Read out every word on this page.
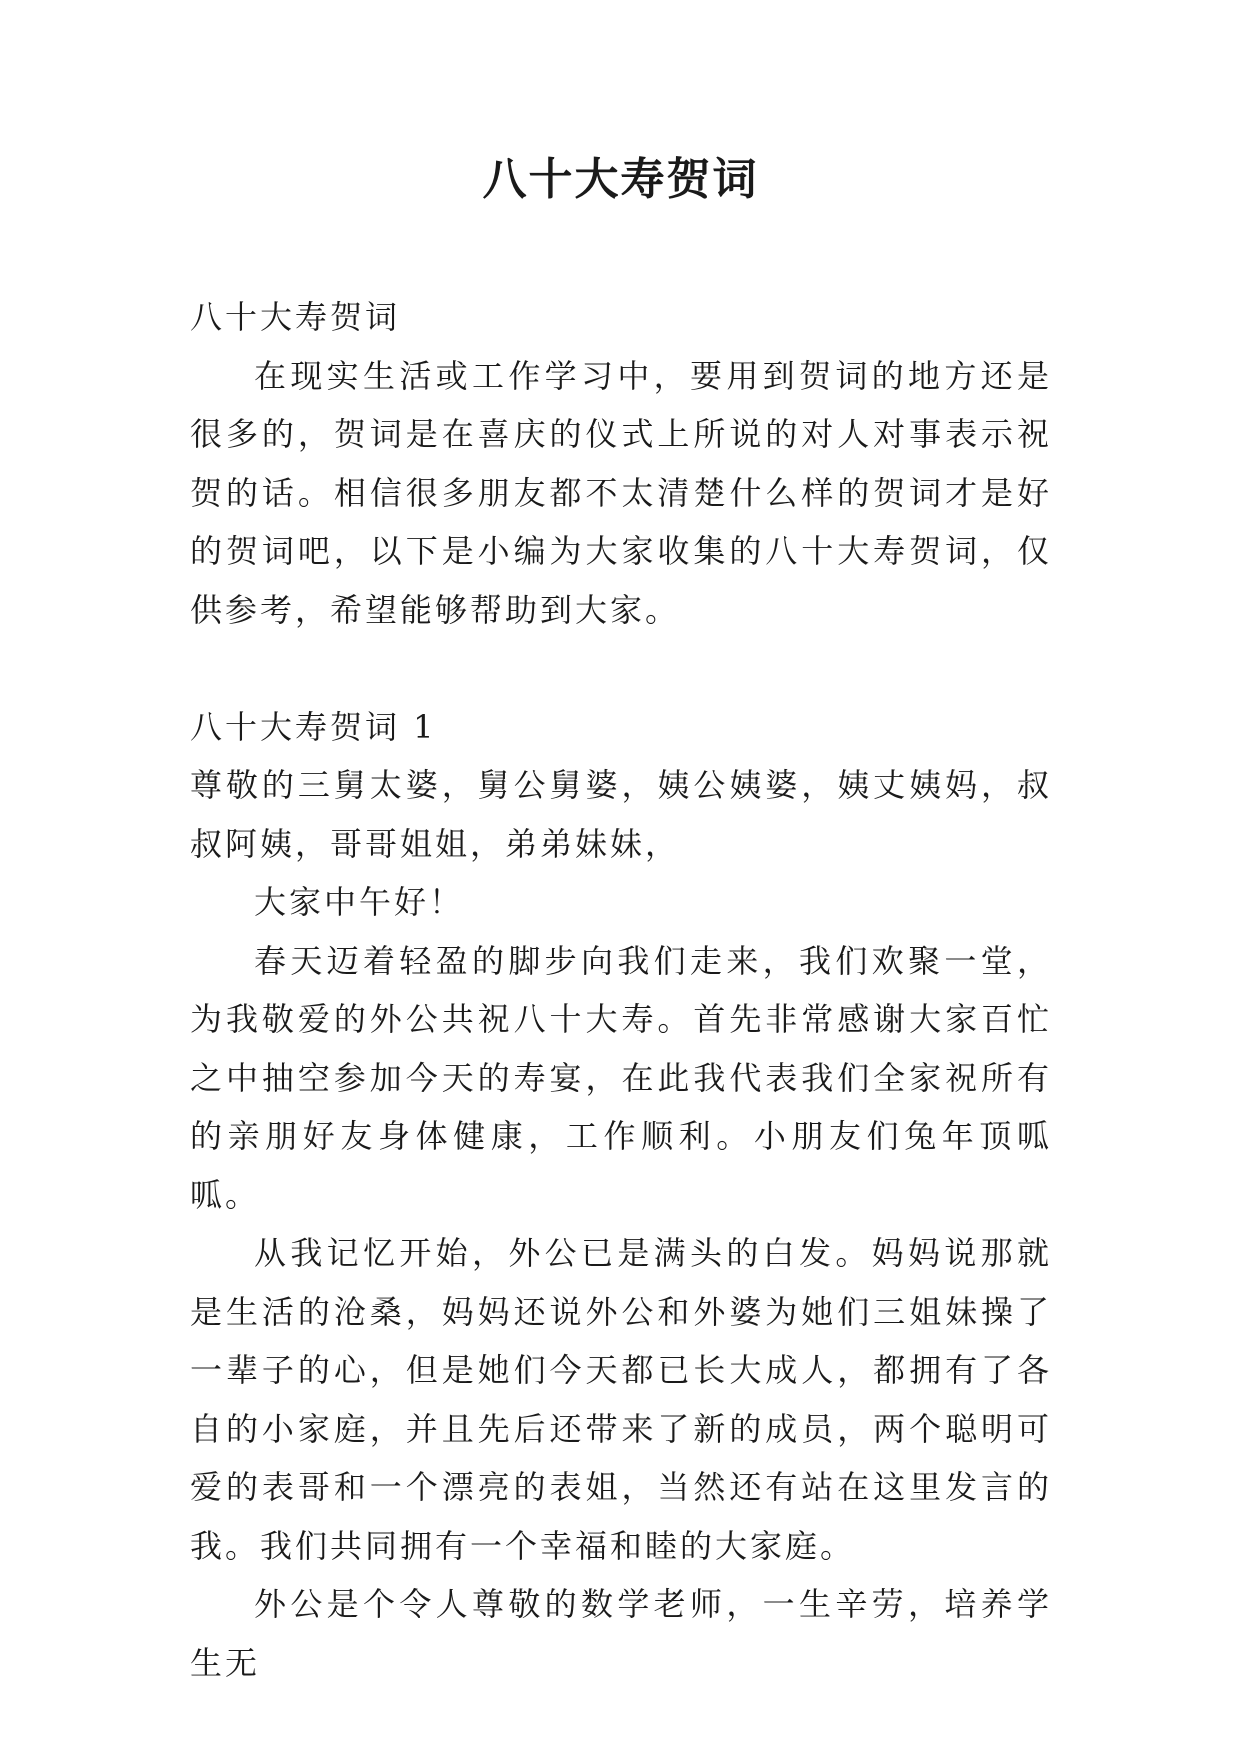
八十大寿贺词

八十大寿贺词

在现实生活或工作学习中，要用到贺词的地方还是很多的，贺词是在喜庆的仪式上所说的对人对事表示祝贺的话。相信很多朋友都不太清楚什么样的贺词才是好的贺词吧，以下是小编为大家收集的八十大寿贺词，仅供参考，希望能够帮助到大家。

八十大寿贺词 1

尊敬的三舅太婆，舅公舅婆，姨公姨婆，姨丈姨妈，叔叔阿姨，哥哥姐姐，弟弟妹妹，

大家中午好！

春天迈着轻盈的脚步向我们走来，我们欢聚一堂，为我敬爱的外公共祝八十大寿。首先非常感谢大家百忙之中抽空参加今天的寿宴，在此我代表我们全家祝所有的亲朋好友身体健康，工作顺利。小朋友们兔年顶呱呱。

从我记忆开始，外公已是满头的白发。妈妈说那就是生活的沧桑，妈妈还说外公和外婆为她们三姐妹操了一辈子的心，但是她们今天都已长大成人，都拥有了各自的小家庭，并且先后还带来了新的成员，两个聪明可爱的表哥和一个漂亮的表姐，当然还有站在这里发言的我。我们共同拥有一个幸福和睦的大家庭。

外公是个令人尊敬的数学老师，一生辛劳，培养学生无
